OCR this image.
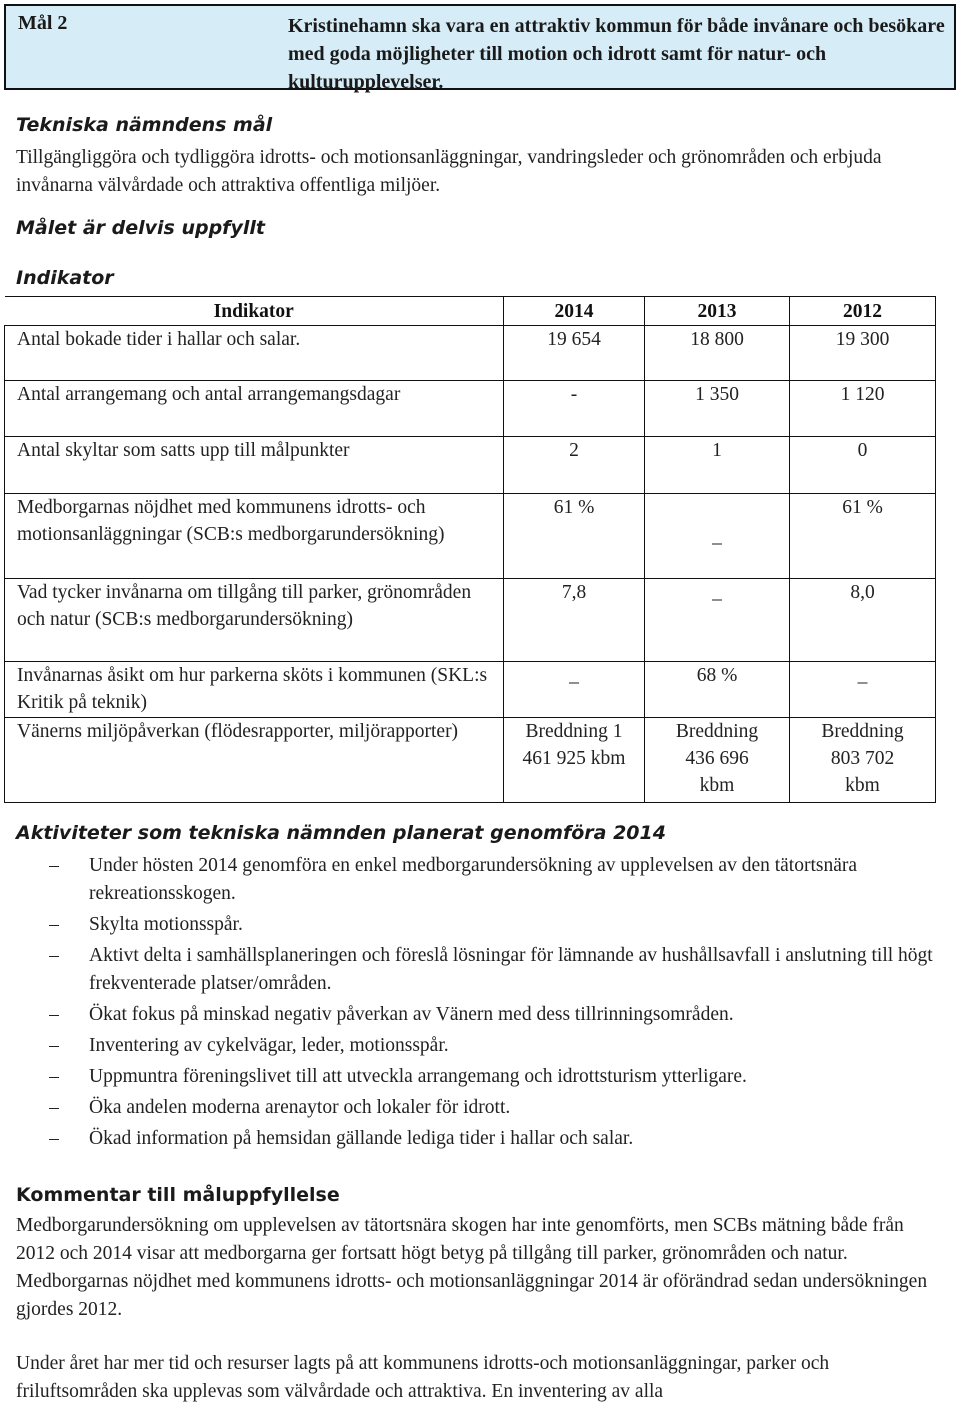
Mål 2	Kristinehamn ska vara en attraktiv kommun för både invånare och besökare med goda möjligheter till motion och idrott samt för natur- och kulturupplevelser.
Tekniska nämndens mål

Tillgängliggöra och tydliggöra idrotts- och motionsanläggningar, vandringsleder och grönområden och erbjuda invånarna välvårdade och attraktiva offentliga miljöer.

Målet är delvis uppfyllt
Indikator
Indikator	2014	2013	2012
Antal bokade tider i hallar och salar.	19 654	18 800	19 300
Antal arrangemang och antal arrangemangsdagar	-	1 350	1 120
Antal skyltar som satts upp till målpunkter	2	1	0
Medborgarnas nöjdhet med kommunens idrotts- och motionsanläggningar (SCB:s medborgarundersökning)	61 %	_	61 %
Vad tycker invånarna om tillgång till parker, grönområden och natur (SCB:s medborgarundersökning)	7,8	_	8,0
Invånarnas åsikt om hur parkerna sköts i kommunen (SKL:s Kritik på teknik)	_	68 %	_
Vänerns miljöpåverkan (flödesrapporter, miljörapporter)	Breddning 1 461 925 kbm	Breddning 436 696 kbm	Breddning 803 702 kbm
Aktiviteter som tekniska nämnden planerat genomföra 2014
–	Under hösten 2014 genomföra en enkel medborgarundersökning av upplevelsen av den tätortsnära rekreationsskogen.
–	Skylta motionsspår.
–	Aktivt delta i samhällsplaneringen och föreslå lösningar för lämnande av hushållsavfall i anslutning till högt frekventerade platser/områden.
–	Ökat fokus på minskad negativ påverkan av Vänern med dess tillrinningsområden.
–	Inventering av cykelvägar, leder, motionsspår.
–	Uppmuntra föreningslivet till att utveckla arrangemang och idrottsturism ytterligare.
–	Öka andelen moderna arenaytor och lokaler för idrott.
–	Ökad information på hemsidan gällande lediga tider i hallar och salar.
Kommentar till måluppfyllelse

Medborgarundersökning om upplevelsen av tätortsnära skogen har inte genomförts, men SCBs mätning både från 2012 och 2014 visar att medborgarna ger fortsatt högt betyg på tillgång till parker, grönområden och natur. Medborgarnas nöjdhet med kommunens idrotts- och motionsanläggningar 2014 är oförändrad sedan undersökningen gjordes 2012.

Under året har mer tid och resurser lagts på att kommunens idrotts-och motionsanläggningar, parker och friluftsområden ska upplevas som välvårdade och attraktiva. En inventering av alla
